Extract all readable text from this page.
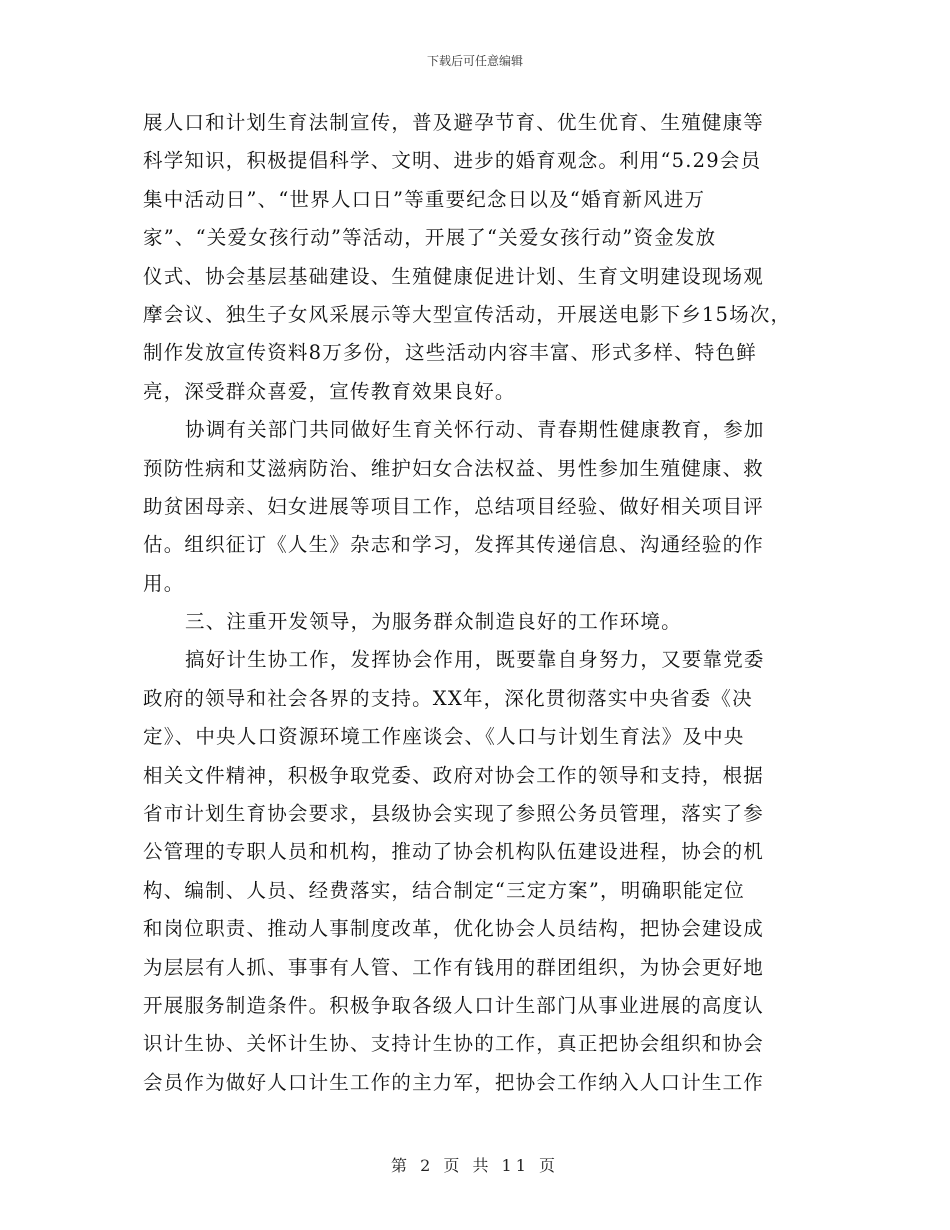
下载后可任意编辑
展人口和计划生育法制宣传，普及避孕节育、优生优育、生殖健康等
科学知识，积极提倡科学、文明、进步的婚育观念。利用“5.29会员
集中活动日”、“世界人口日”等重要纪念日以及“婚育新风进万
家”、“关爱女孩行动”等活动，开展了“关爱女孩行动”资金发放
仪式、协会基层基础建设、生殖健康促进计划、生育文明建设现场观
摩会议、独生子女风采展示等大型宣传活动，开展送电影下乡15场次，
制作发放宣传资料8万多份，这些活动内容丰富、形式多样、特色鲜
亮，深受群众喜爱，宣传教育效果良好。
协调有关部门共同做好生育关怀行动、青春期性健康教育，参加
预防性病和艾滋病防治、维护妇女合法权益、男性参加生殖健康、救
助贫困母亲、妇女进展等项目工作，总结项目经验、做好相关项目评
估。组织征订《人生》杂志和学习，发挥其传递信息、沟通经验的作
用。
三、注重开发领导，为服务群众制造良好的工作环境。
搞好计生协工作，发挥协会作用，既要靠自身努力，又要靠党委
政府的领导和社会各界的支持。XX年，深化贯彻落实中央省委《决
定》、中央人口资源环境工作座谈会、《人口与计划生育法》及中央
相关文件精神，积极争取党委、政府对协会工作的领导和支持，根据
省市计划生育协会要求，县级协会实现了参照公务员管理，落实了参
公管理的专职人员和机构，推动了协会机构队伍建设进程，协会的机
构、编制、人员、经费落实，结合制定“三定方案”，明确职能定位
和岗位职责、推动人事制度改革，优化协会人员结构，把协会建设成
为层层有人抓、事事有人管、工作有钱用的群团组织，为协会更好地
开展服务制造条件。积极争取各级人口计生部门从事业进展的高度认
识计生协、关怀计生协、支持计生协的工作，真正把协会组织和协会
会员作为做好人口计生工作的主力军，把协会工作纳入人口计生工作
第 2 页 共 11 页
